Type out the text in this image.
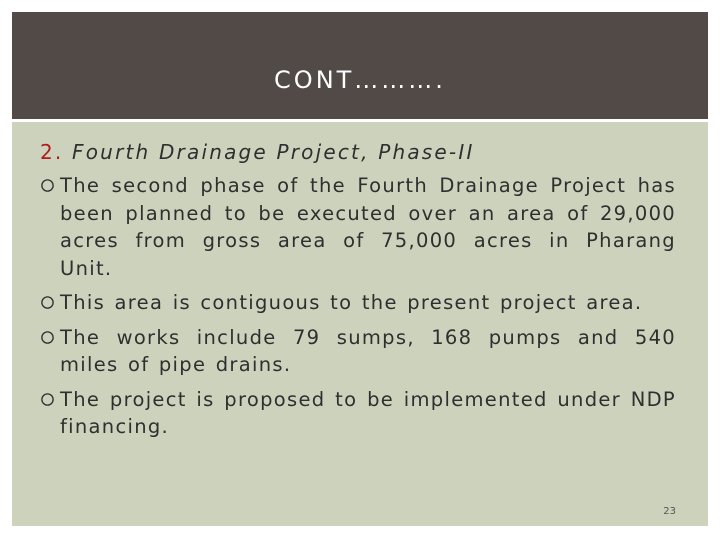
CONT……….
2. Fourth Drainage Project, Phase-II
The second phase of the Fourth Drainage Project has been planned to be executed over an area of 29,000 acres from gross area of 75,000 acres in Pharang Unit.
This area is contiguous to the present project area.
The works include 79 sumps, 168 pumps and 540 miles of pipe drains.
The project is proposed to be implemented under NDP financing.
23
